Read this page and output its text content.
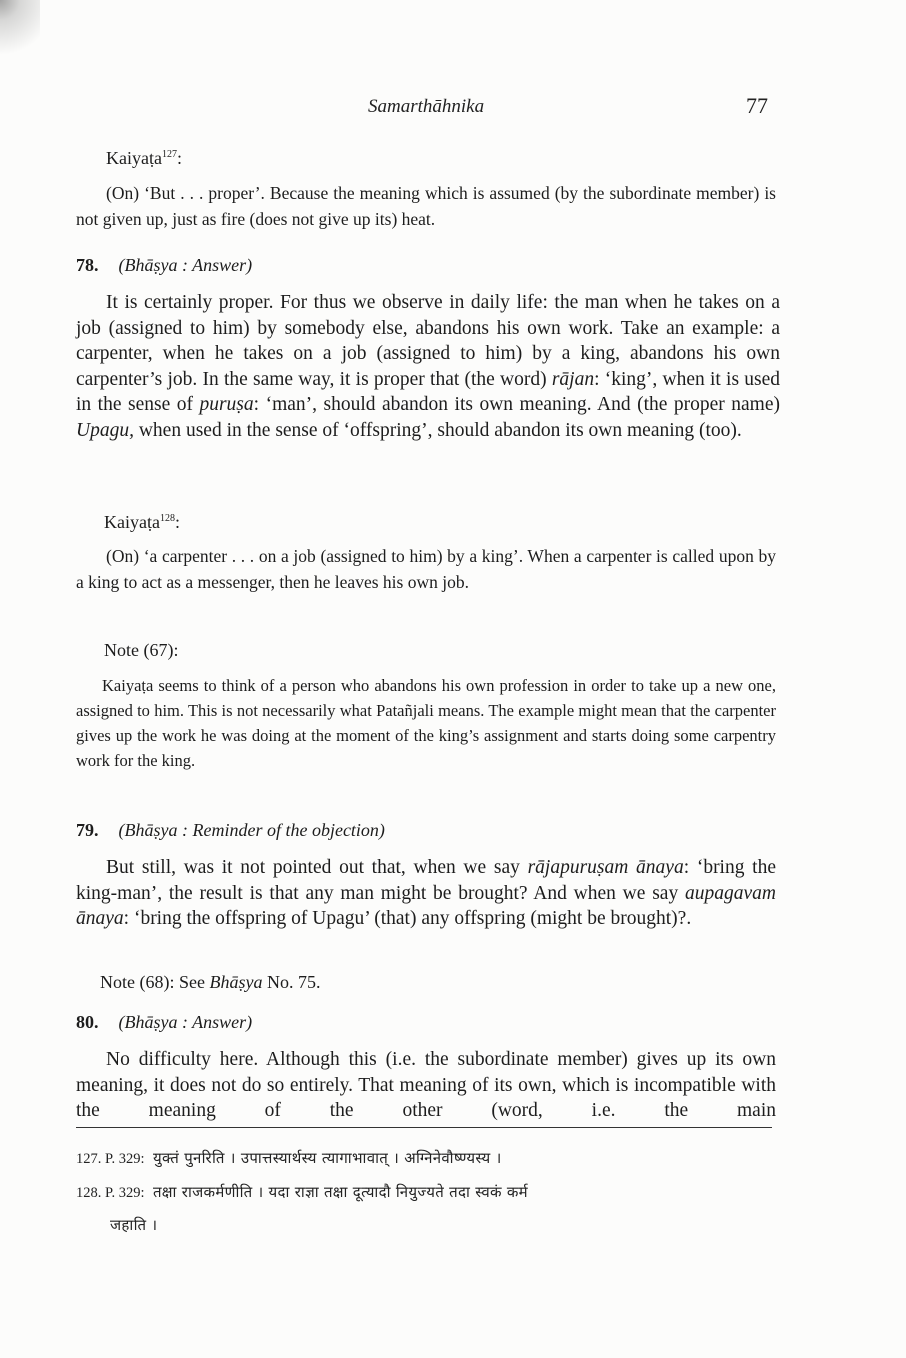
Samarthāhnika	77
Kaiyaṭa$^{127}$:
(On) ‘But . . . proper’. Because the meaning which is assumed (by the subordinate member) is not given up, just as fire (does not give up its) heat.
78. (Bhāṣya : Answer)
It is certainly proper. For thus we observe in daily life: the man when he takes on a job (assigned to him) by somebody else, abandons his own work. Take an example: a carpenter, when he takes on a job (assigned to him) by a king, abandons his own carpenter’s job. In the same way, it is proper that (the word) rājan: ‘king’, when it is used in the sense of puruṣa: ‘man’, should abandon its own meaning. And (the proper name) Upagu, when used in the sense of ‘offspring’, should abandon its own meaning (too).
Kaiyaṭa$^{128}$:
(On) ‘a carpenter . . . on a job (assigned to him) by a king’. When a carpenter is called upon by a king to act as a messenger, then he leaves his own job.
Note (67):
Kaiyaṭa seems to think of a person who abandons his own profession in order to take up a new one, assigned to him. This is not necessarily what Patañjali means. The example might mean that the carpenter gives up the work he was doing at the moment of the king’s assignment and starts doing some carpentry work for the king.
79. (Bhāṣya : Reminder of the objection)
But still, was it not pointed out that, when we say rājapuruṣam ānaya: ‘bring the king-man’, the result is that any man might be brought? And when we say aupagavam ānaya: ‘bring the offspring of Upagu’ (that) any offspring (might be brought)?.
Note (68): See Bhāṣya No. 75.
80. (Bhāṣya : Answer)
No difficulty here. Although this (i.e. the subordinate member) gives up its own meaning, it does not do so entirely. That meaning of its own, which is incompatible with the meaning of the other (word, i.e. the main
127. P. 329: युक्तं पुनरिति । उपात्तस्यार्थस्य त्यागाभावात् । अग्निनेवौष्ण्यस्य ।
128. P. 329: तक्षा राजकर्मणीति । यदा राज्ञा तक्षा दूत्यादौ नियुज्यते तदा स्वकं कर्म
जहाति ।
